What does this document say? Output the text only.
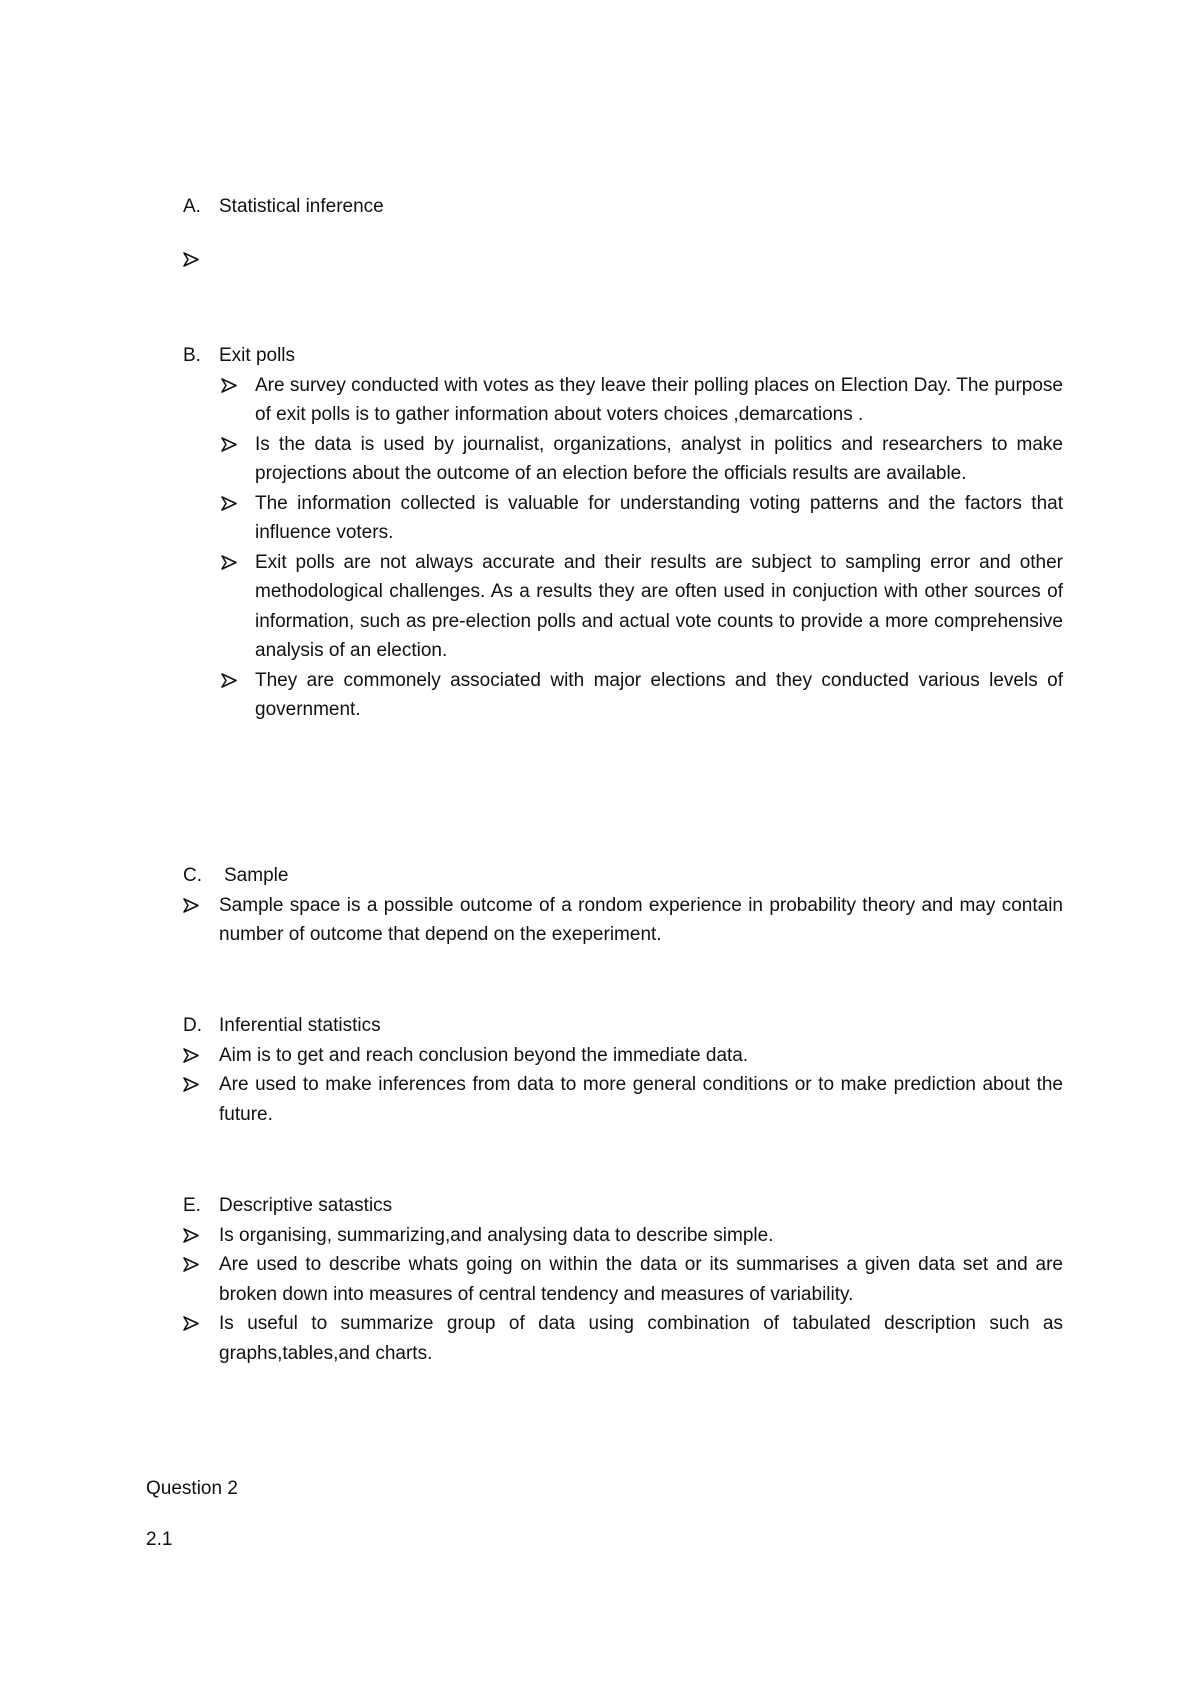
A. Statistical inference

B. Exit polls
Are survey conducted with votes as they leave their polling places on Election Day. The purpose of exit polls is to gather information about voters choices ,demarcations .
Is the data is used by journalist, organizations, analyst in politics and researchers to make projections about the outcome of an election before the officials results are available.
The information collected is valuable for understanding voting patterns and the factors that influence voters.
Exit polls are not always accurate and their results are subject to sampling error and other methodological challenges. As a results they are often used in conjuction with other sources of information, such as pre-election polls and actual vote counts to provide a more comprehensive analysis of an election.
They are commonely associated with major elections and they conducted various levels of government.
C. Sample
Sample space is a possible outcome of a rondom experience in probability theory and may contain number of outcome that depend on the exeperiment.
D. Inferential statistics
Aim is to get and reach conclusion beyond the immediate data.
Are used to make inferences from data to more general conditions or to make prediction about the future.
E. Descriptive satastics
Is organising, summarizing,and analysing data to describe simple.
Are used to describe whats going on within the data or its summarises a given data set and are broken down into measures of central tendency and measures of variability.
Is useful to summarize group of data using combination of tabulated description such as graphs,tables,and charts.
Question 2
2.1
